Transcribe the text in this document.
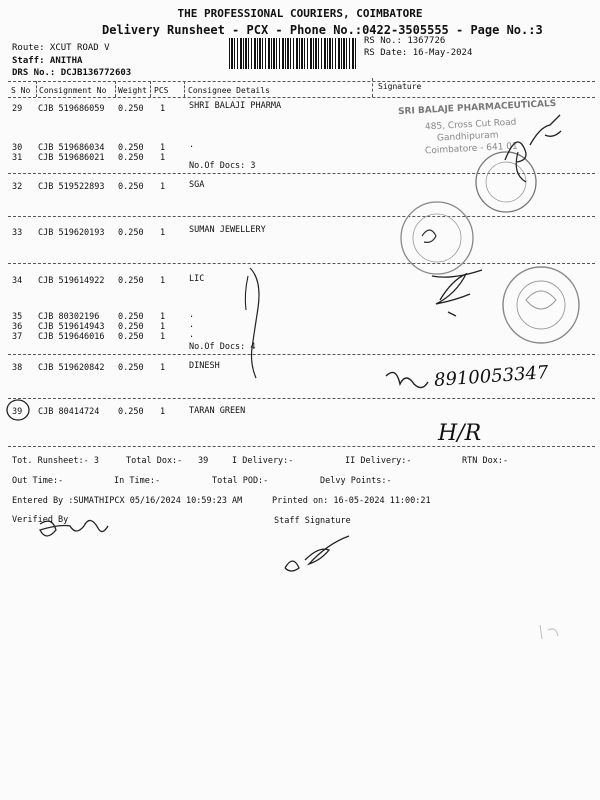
THE PROFESSIONAL COURIERS, COIMBATORE
Delivery Runsheet - PCX - Phone No.:0422-3505555 - Page No.:3
Route: XCUT ROAD V
Staff: ANITHA
DRS No.: DCJB136772603
RS No.: 1367726
RS Date: 16-May-2024
S No Consignment No Weight PCS Consignee Details	Signature
29 CJB 519686059 0.250 1	SHRI BALAJI PHARMA
30 CJB 519686034 0.250 1	.
31 CJB 519686021 0.250 1
No.Of Docs: 3
32 CJB 519522893 0.250 1	SGA
33 CJB 519620193 0.250 1	SUMAN JEWELLERY
34 CJB 519614922 0.250 1	LIC
35 CJB 80302196 0.250 1	.
36 CJB 519614943 0.250 1	.
37 CJB 519646016 0.250 1	.
No.Of Docs: 4
38 CJB 519620842 0.250 1	DINESH
39 CJB 80414724 0.250 1	TARAN GREEN
SRI BALAJE PHARMACEUTICALS
485, Cross Cut Road
Gandhipuram
Coimbatore - 641 01
8910053347
H/R
Tot. Runsheet:- 3	Total Dox:- 39	I Delivery:-	II Delivery:-	RTN Dox:-
Out Time:-	In Time:-	Total POD:-	Delvy Points:-
Entered By :SUMATHIPCX 05/16/2024 10:59:23 AM	Printed on: 16-05-2024 11:00:21
Verified By	Staff Signature
